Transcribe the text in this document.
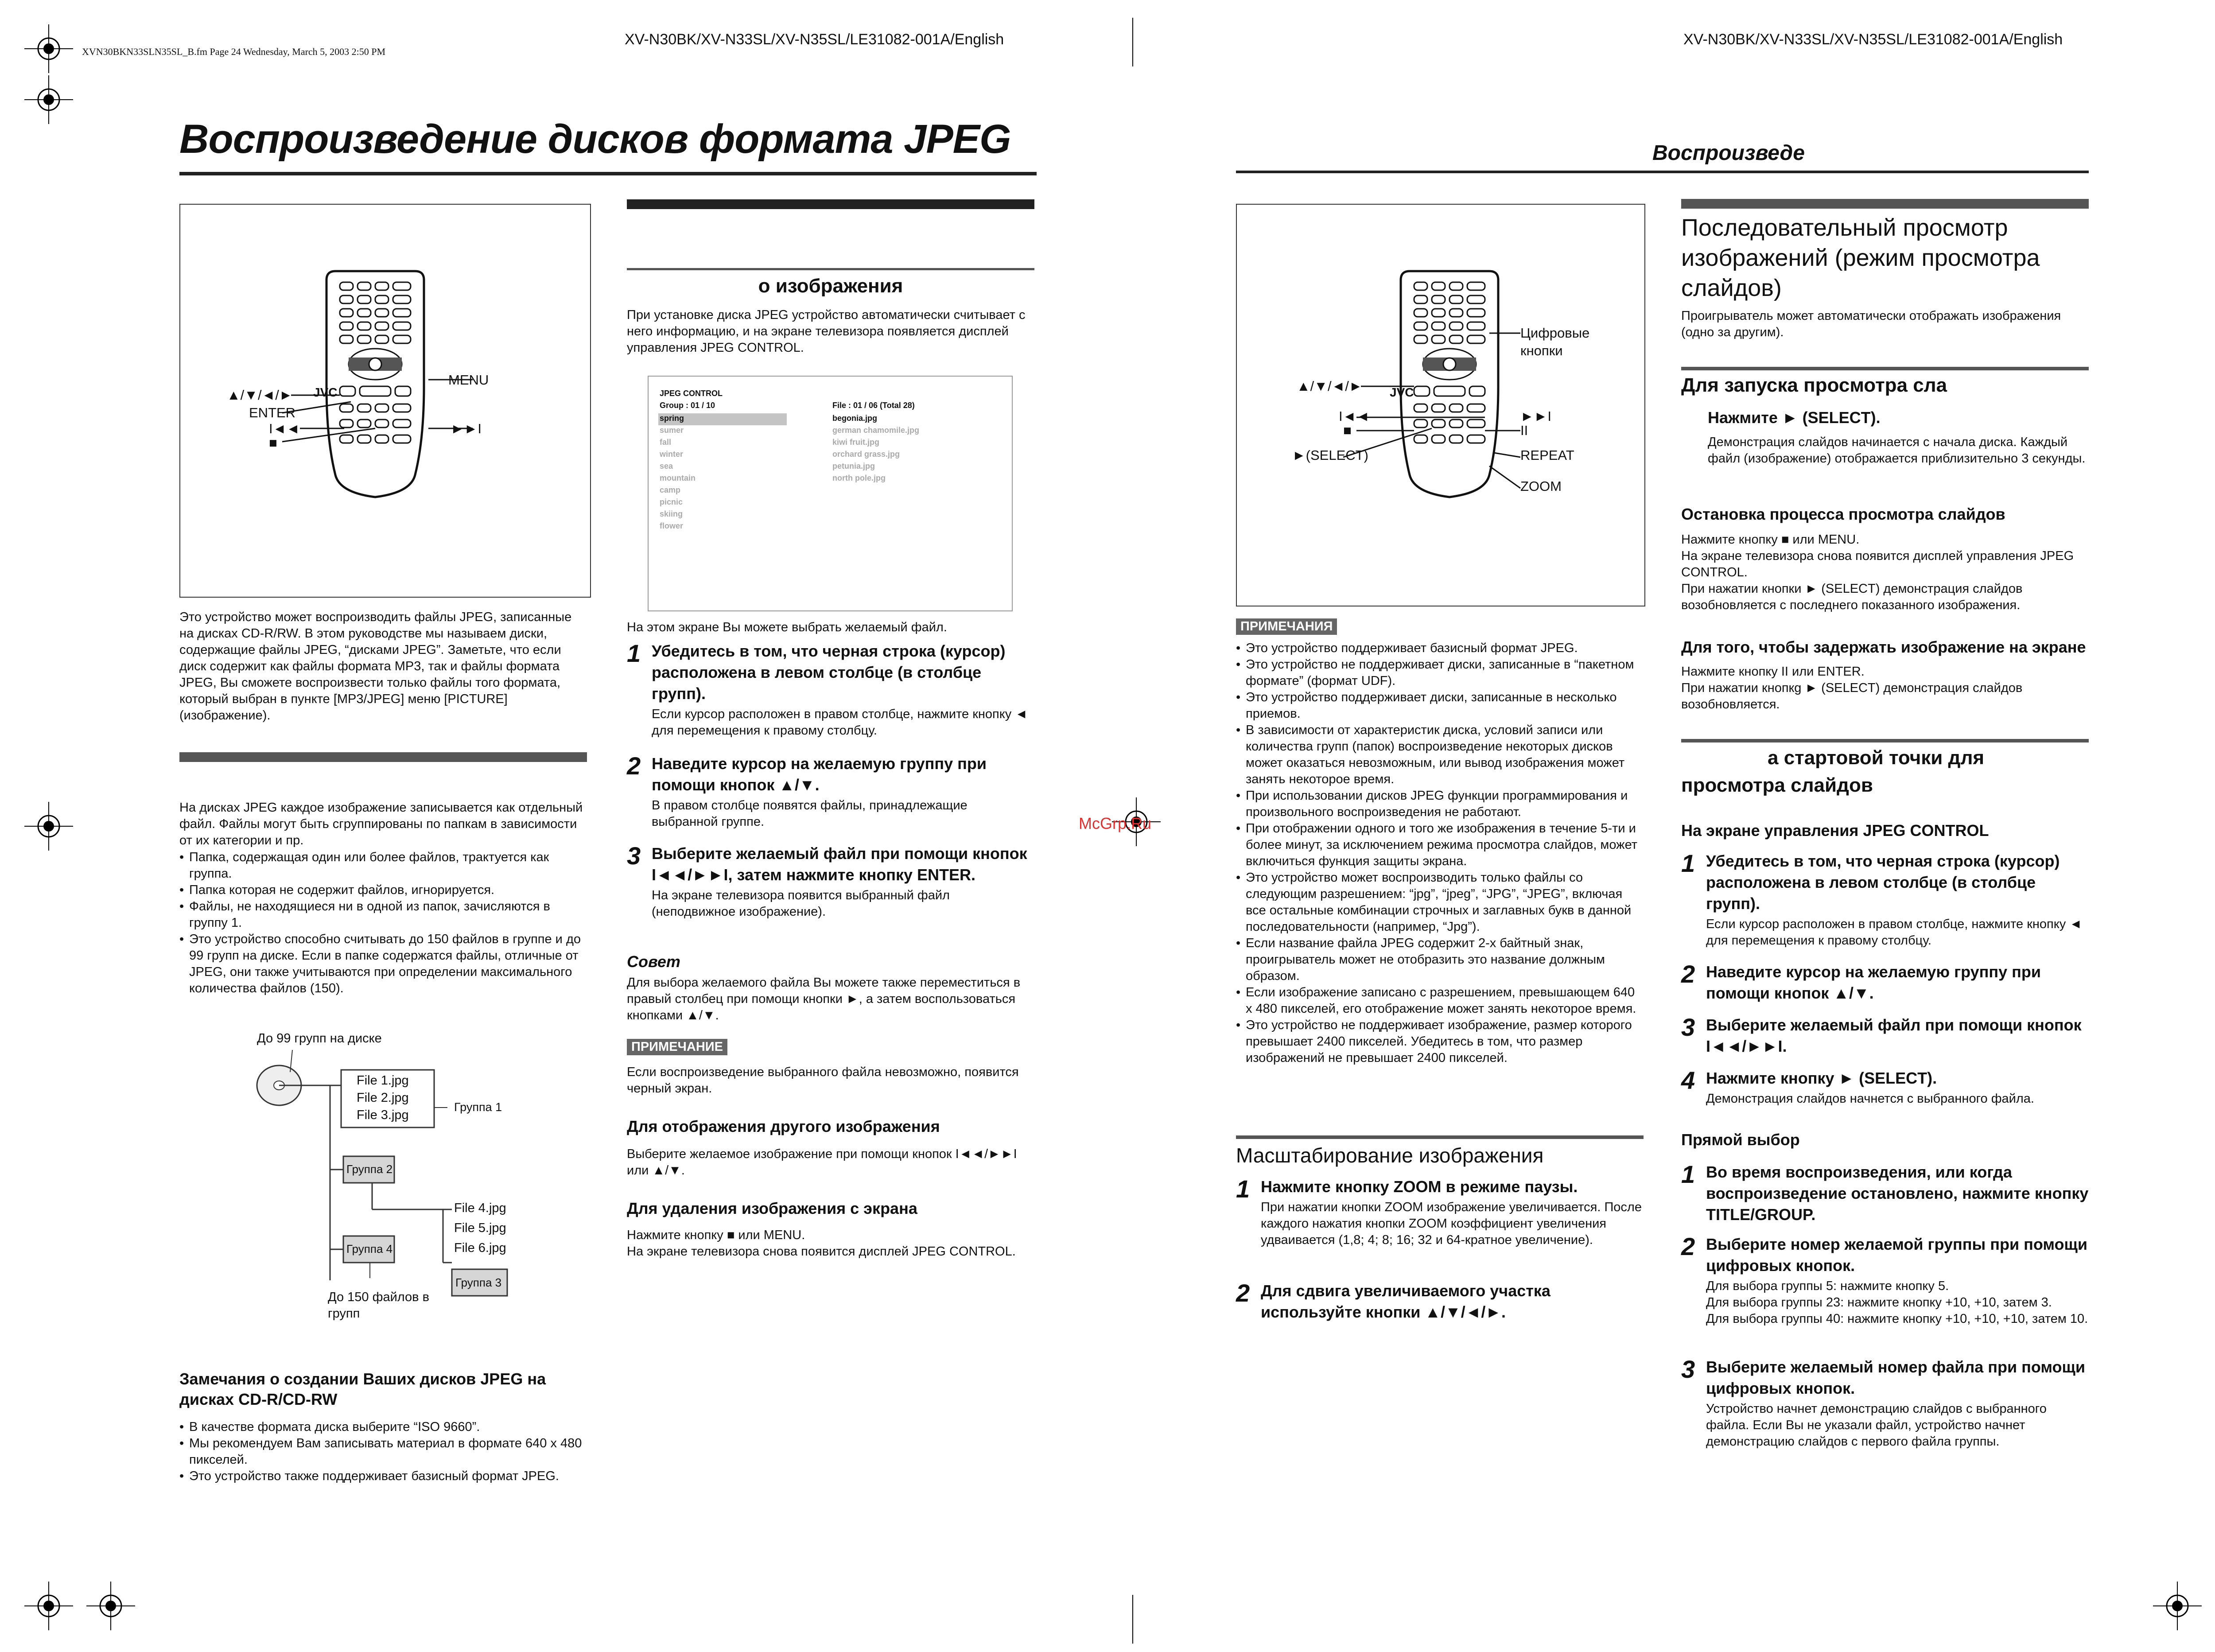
XVN30BKN33SLN35SL_B.fm Page 24 Wednesday, March 5, 2003 2:50 PM
XV-N30BK/XV-N33SL/XV-N35SL/LE31082-001A/English	XV-N30BK/XV-N33SL/XV-N35SL/LE31082-001A/English
Воспроизведение дисков формата JPEG
JVC
▲/▼/◄/►
ENTER
MENU
I◄◄
■
►►I
Это устройство может воспроизводить файлы JPEG, записанные на дисках CD-R/RW. В этом руководстве мы называем диски, содержащие файлы JPEG, “дисками JPEG”. Заметьте, что если диск содержит как файлы формата MP3, так и файлы формата JPEG, Вы сможете воспроизвести только файлы того формата, который выбран в пункте [MP3/JPEG] меню [PICTURE] (изображение).
На дисках JPEG каждое изображение записывается как отдельный файл. Файлы могут быть сгруппированы по папкам в зависимости от их категории и пр.
• Папка, содержащая один или более файлов, трактуется как группа.
• Папка которая не содержит файлов, игнорируется.
• Файлы, не находящиеся ни в одной из папок, зачисляются в группу 1.
• Это устройство способно считывать до 150 файлов в группе и до 99 групп на диске. Если в папке содержатся файлы, отличные от JPEG, они также учитываются при определении максимального количества файлов (150).
До 99 групп на диске
File 1.jpg
File 2.jpg
File 3.jpg
Группа 1
Группа 2
File 4.jpg
File 5.jpg
File 6.jpg
Группа 4
Группа 3
До 150 файлов в групп
Замечания о создании Ваших дисков JPEG на дисках CD-R/CD-RW
• В качестве формата диска выберите “ISO 9660”.
• Мы рекомендуем Вам записывать материал в формате 640 x 480 пикселей.
• Это устройство также поддерживает базисный формат JPEG.
о изображения
При установке диска JPEG устройство автоматически считывает с него информацию, и на экране телевизора появляется дисплей управления JPEG CONTROL.
JPEG CONTROL
Group : 01 / 10	File : 01 / 06 (Total 28)
spring
sumer
fall
winter
sea
mountain
camp
picnic
skiing
flower
begonia.jpg
german chamomile.jpg
kiwi fruit.jpg
orchard grass.jpg
petunia.jpg
north pole.jpg
На этом экране Вы можете выбрать желаемый файл.
1 Убедитесь в том, что черная строка (курсор) расположена в левом столбце (в столбце групп).
Если курсор расположен в правом столбце, нажмите кнопку ◄ для перемещения к правому столбцу.
2 Наведите курсор на желаемую группу при помощи кнопок ▲/▼.
В правом столбце появятся файлы, принадлежащие выбранной группе.
3 Выберите желаемый файл при помощи кнопок I◄◄/►►I, затем нажмите кнопку ENTER.
На экране телевизора появится выбранный файл (неподвижное изображение).
Совет
Для выбора желаемого файла Вы можете также переместиться в правый столбец при помощи кнопки ►, а затем воспользоваться кнопками ▲/▼.
ПРИМЕЧАНИЕ
Если воспроизведение выбранного файла невозможно, появится черный экран.
Для отображения другого изображения
Выберите желаемое изображение при помощи кнопок I◄◄/►►I или ▲/▼.
Для удаления изображения с экрана
Нажмите кнопку ■ или MENU.
На экране телевизора снова появится дисплей JPEG CONTROL.
McGrp.Ru
Воспроизведе
JVC
Цифровые кнопки
▲/▼/◄/►
I◄◄
■
►(SELECT)
►►I
II
REPEAT
ZOOM
ПРИМЕЧАНИЯ
• Это устройство поддерживает базисный формат JPEG.
• Это устройство не поддерживает диски, записанные в “пакетном формате” (формат UDF).
• Это устройство поддерживает диски, записанные в несколько приемов.
• В зависимости от характеристик диска, условий записи или количества групп (папок) воспроизведение некоторых дисков может оказаться невозможным, или вывод изображения может занять некоторое время.
• При использовании дисков JPEG функции программирования и произвольного воспроизведения не работают.
• При отображении одного и того же изображения в течение 5-ти и более минут, за исключением режима просмотра слайдов, может включиться функция защиты экрана.
• Это устройство может воспроизводить только файлы со следующим разрешением: “jpg”, “jpeg”, “JPG”, “JPEG”, включая все остальные комбинации строчных и заглавных букв в данной последовательности (например, “Jpg”).
• Если название файла JPEG содержит 2-х байтный знак, проигрыватель может не отобразить это название должным образом.
• Если изображение записано с разрешением, превышающем 640 x 480 пикселей, его отображение может занять некоторое время.
• Это устройство не поддерживает изображение, размер которого превышает 2400 пикселей. Убедитесь в том, что размер изображений не превышает 2400 пикселей.
Масштабирование изображения
1 Нажмите кнопку ZOOM в режиме паузы.
При нажатии кнопки ZOOM изображение увеличивается. После каждого нажатия кнопки ZOOM коэффициент увеличения удваивается (1,8; 4; 8; 16; 32 и 64-кратное увеличение).
2 Для сдвига увеличиваемого участка используйте кнопки ▲/▼/◄/►.
Последовательный просмотр изображений (режим просмотра слайдов)
Проигрыватель может автоматически отображать изображения (одно за другим).
Для запуска просмотра сла
Нажмите ► (SELECT).
Демонстрация слайдов начинается с начала диска. Каждый файл (изображение) отображается приблизительно 3 секунды.
Остановка процесса просмотра слайдов
Нажмите кнопку ■ или MENU.
На экране телевизора снова появится дисплей управления JPEG CONTROL.
При нажатии кнопки ► (SELECT) демонстрация слайдов возобновляется с последнего показанного изображения.
Для того, чтобы задержать изображение на экране
Нажмите кнопку II или ENTER.
При нажатии кнопкg ► (SELECT) демонстрация слайдов возобновляется.
а стартовой точки для просмотра слайдов
На экране управления JPEG CONTROL
1 Убедитесь в том, что черная строка (курсор) расположена в левом столбце (в столбце групп).
Если курсор расположен в правом столбце, нажмите кнопку ◄ для перемещения к правому столбцу.
2 Наведите курсор на желаемую группу при помощи кнопок ▲/▼.
3 Выберите желаемый файл при помощи кнопок I◄◄/►►I.
4 Нажмите кнопку ► (SELECT).
Демонстрация слайдов начнется с выбранного файла.
Прямой выбор
1 Во время воспроизведения, или когда воспроизведение остановлено, нажмите кнопку TITLE/GROUP.
2 Выберите номер желаемой группы при помощи цифровых кнопок.
Для выбора группы 5: нажмите кнопку 5.
Для выбора группы 23: нажмите кнопку +10, +10, затем 3.
Для выбора группы 40: нажмите кнопку +10, +10, +10, затем 10.
3 Выберите желаемый номер файла при помощи цифровых кнопок.
Устройство начнет демонстрацию слайдов с выбранного файла. Если Вы не указали файл, устройство начнет демонстрацию слайдов с первого файла группы.
